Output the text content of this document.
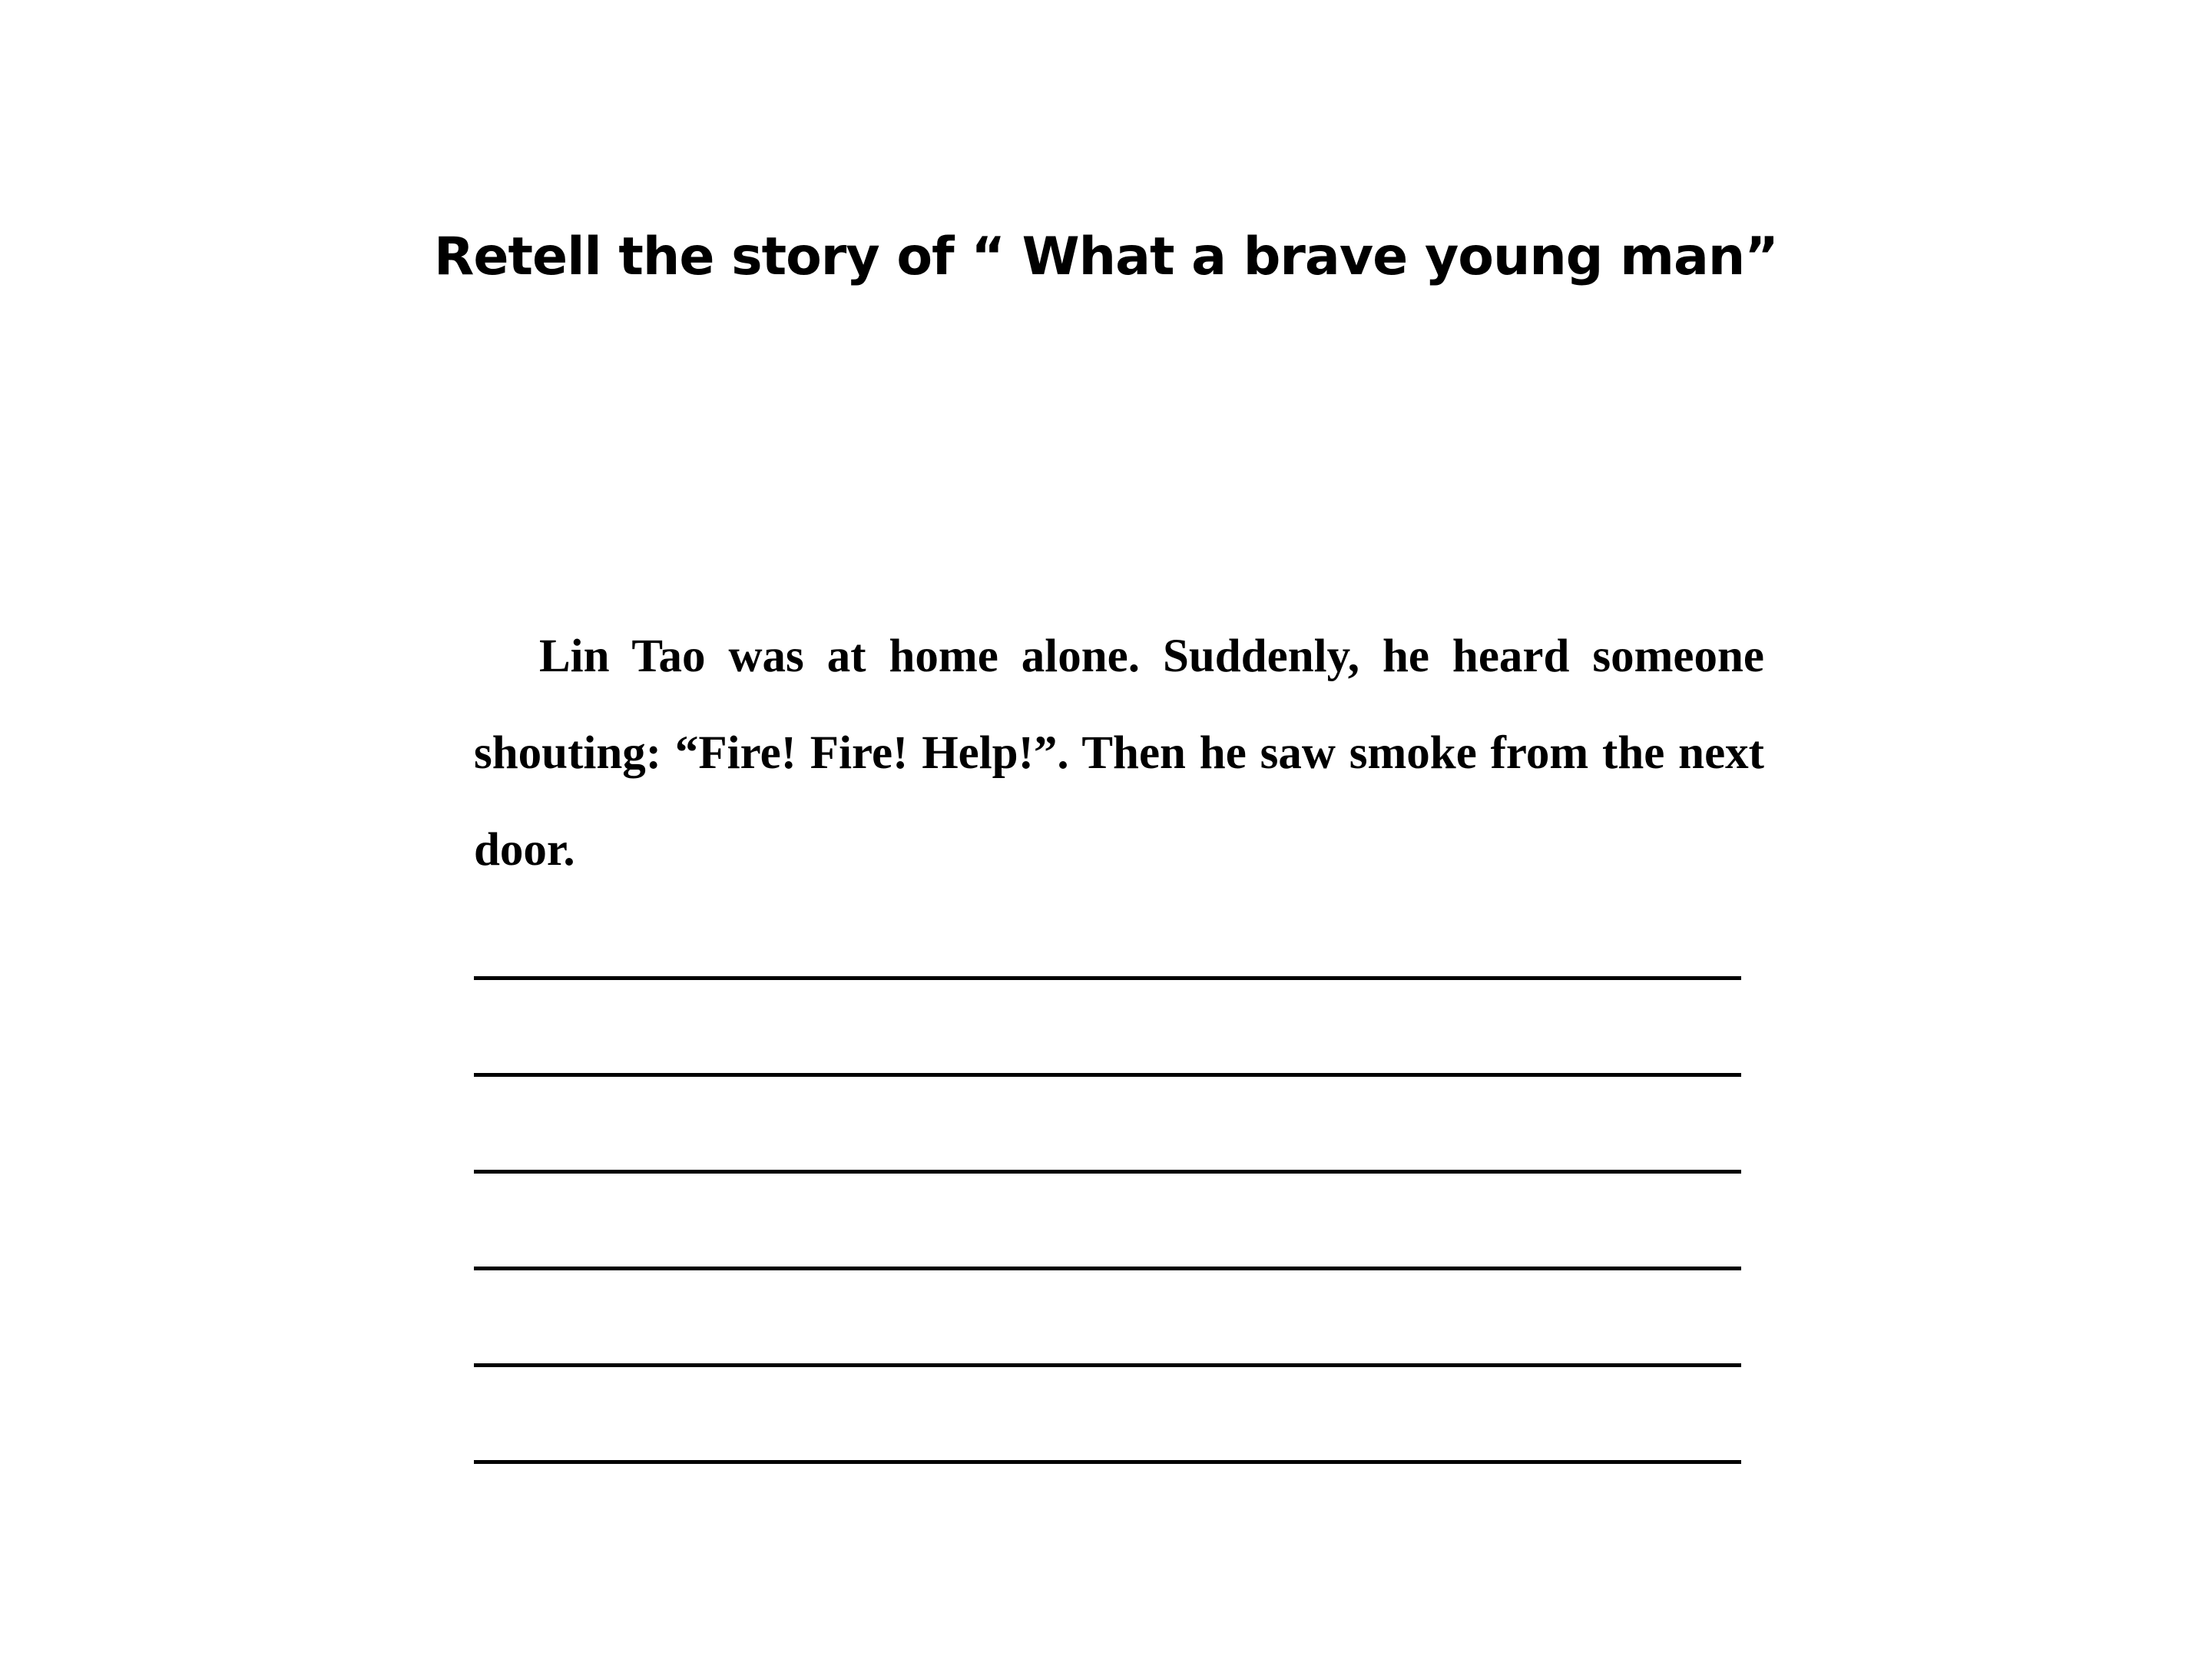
Retell the story of “ What a brave young man”

Lin Tao was at home alone. Suddenly, he heard someone shouting: “Fire! Fire! Help!”. Then he saw smoke from the next door.
